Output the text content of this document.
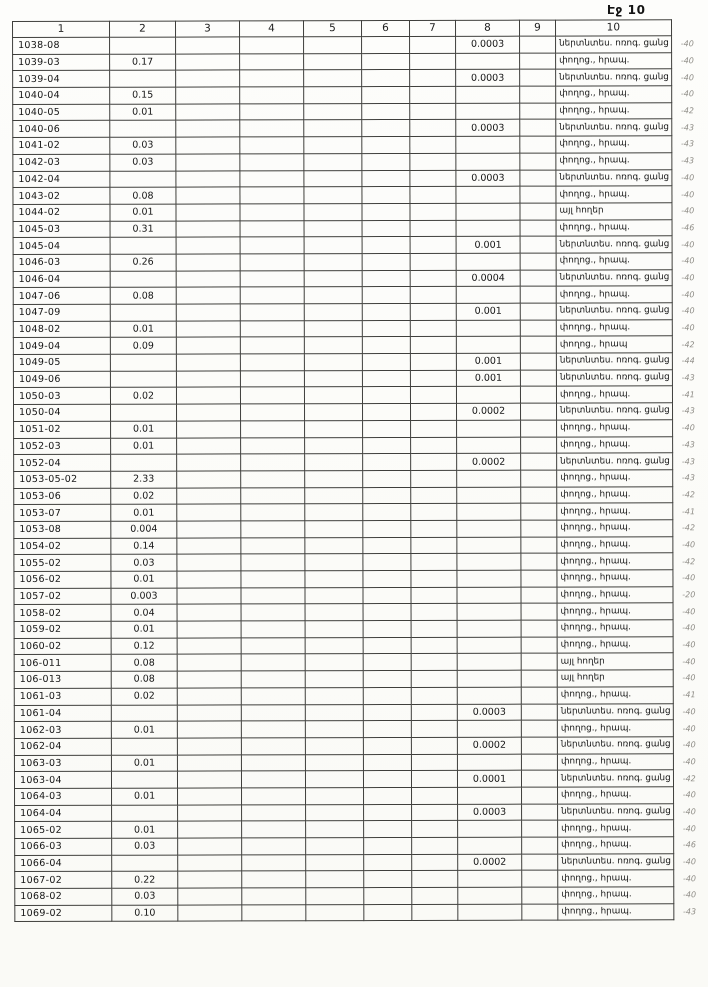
Էջ 10
1	2	3	4	5	6	7	8	9	10	
1038-08							0.0003		ներտնտես. ոռոգ. ցանց	-40
1039-03	0.17								փողոց., հրապ.	-40
1039-04							0.0003		ներտնտես. ոռոգ. ցանց	-40
1040-04	0.15								փողոց., հրապ.	-40
1040-05	0.01								փողոց., հրապ.	-42
1040-06							0.0003		ներտնտես. ոռոգ. ցանց	-43
1041-02	0.03								փողոց., հրապ.	-43
1042-03	0.03								փողոց., հրապ.	-43
1042-04							0.0003		ներտնտես. ոռոգ. ցանց	-40
1043-02	0.08								փողոց., հրապ.	-40
1044-02	0.01								այլ հողեր	-40
1045-03	0.31								փողոց., հրապ.	-46
1045-04							0.001		ներտնտես. ոռոգ. ցանց	-40
1046-03	0.26								փողոց., հրապ.	-40
1046-04							0.0004		ներտնտես. ոռոգ. ցանց	-40
1047-06	0.08								փողոց., հրապ.	-40
1047-09							0.001		ներտնտես. ոռոգ. ցանց	-40
1048-02	0.01								փողոց., հրապ.	-40
1049-04	0.09								փողոց., հրապ	-42
1049-05							0.001		ներտնտես. ոռոգ. ցանց	-44
1049-06							0.001		ներտնտես. ոռոգ. ցանց	-43
1050-03	0.02								փողոց., հրապ.	-41
1050-04							0.0002		ներտնտես. ոռոգ. ցանց	-43
1051-02	0.01								փողոց., հրապ.	-40
1052-03	0.01								փողոց., հրապ.	-43
1052-04							0.0002		ներտնտես. ոռոգ. ցանց	-43
1053-05-02	2.33								փողոց., հրապ.	-43
1053-06	0.02								փողոց., հրապ.	-42
1053-07	0.01								փողոց., հրապ.	-41
1053-08	0.004								փողոց., հրապ.	-42
1054-02	0.14								փողոց., հրապ.	-40
1055-02	0.03								փողոց., հրապ.	-42
1056-02	0.01								փողոց., հրապ.	-40
1057-02	0.003								փողոց., հրապ.	-20
1058-02	0.04								փողոց., հրապ.	-40
1059-02	0.01								փողոց., հրապ.	-40
1060-02	0.12								փողոց., հրապ.	-40
106-011	0.08								այլ հողեր	-40
106-013	0.08								այլ հողեր	-40
1061-03	0.02								փողոց., հրապ.	-41
1061-04							0.0003		ներտնտես. ոռոգ. ցանց	-40
1062-03	0.01								փողոց., հրապ.	-40
1062-04							0.0002		ներտնտես. ոռոգ. ցանց	-40
1063-03	0.01								փողոց., հրապ.	-40
1063-04							0.0001		ներտնտես. ոռոգ. ցանց	-42
1064-03	0.01								փողոց., հրապ.	-40
1064-04							0.0003		ներտնտես. ոռոգ. ցանց	-40
1065-02	0.01								փողոց., հրապ.	-40
1066-03	0.03								փողոց., հրապ.	-46
1066-04							0.0002		ներտնտես. ոռոգ. ցանց	-40
1067-02	0.22								փողոց., հրապ.	-40
1068-02	0.03								փողոց., հրապ.	-40
1069-02	0.10								փողոց., հրապ.	-43
